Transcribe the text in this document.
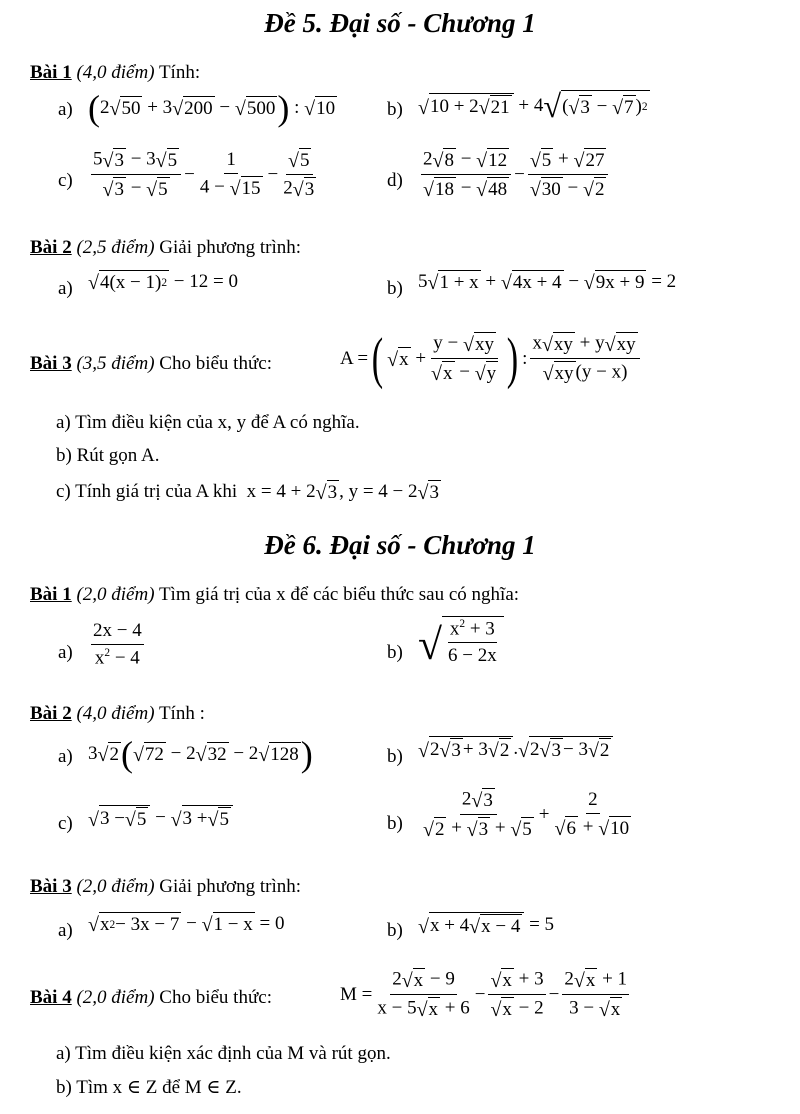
Đề 5. Đại số - Chương 1
Bài 1 (4,0 điểm) Tính:
a) ( 2 √ 50 + 3 √ 200 − √ 500 ) : √ 10	b) √ 10 + 2 √ 21 + 4 √ ( √ 3 − √ 7 ) 2
$c) \frac{5 √ 3 - 3 √ 5}{√ 3 - √ 5} - \frac{1}{4 - √ 15} - \frac{√ 5}{2 √ 3}$	$d) \frac{2 √ 8 - √ 12}{√ 18 - √ 48} - \frac{√ 5 + √ 27}{√ 30 - √ 2}$
Bài 2 (2,5 điểm) Giải phương trình:
a) √ 4(x − 1) 2 − 12 = 0	b) 5 √ 1 + x + √ 4x + 4 − √ 9x + 9 = 2
Bài 3 (3,5 điểm) Cho biểu thức:	A = ( √ $x + \frac{y - √ xy}{√ x - √ y}$ ) : $\frac{x √ xy + y √ xy}{√ xy (y - x)}$
a) Tìm điều kiện của x, y để A có nghĩa.
b) Rút gọn A.
c) Tính giá trị của A khi x = 4 + 2 √ 3 , y = 4 − 2 √ 3
Đề 6. Đại số - Chương 1
Bài 1 (2,0 điểm) Tìm giá trị của x để các biểu thức sau có nghĩa:
$a) \frac{2x - 4}{x^2 - 4}$	b) √ $\frac{x^2 + 3}{6 - 2x}$
Bài 2 (4,0 điểm) Tính :
a) 3 √ 2 ( √ 72 − 2 √ 32 − 2 √ 128 )	b) √ 2 √ 3 + 3 √ 2 . √ 2 √ 3 − 3 √ 2
c) √ 3 − √ 5 − √ 3 + √ 5	$b) \frac{2 √ 3}{√ 2 + √ 3 + √ 5} + \frac{2}{√ 6 + √ 10}$
Bài 3 (2,0 điểm) Giải phương trình:
a) √ x 2 − 3x − 7 − √ 1 − x = 0	b) √ x + 4 √ x − 4 = 5
Bài 4 (2,0 điểm) Cho biểu thức:	$M = \frac{2 √ x - 9}{x - 5 √ x + 6} - \frac{√ x + 3}{√ x - 2} - \frac{2 √ x + 1}{3 - √ x}$
a) Tìm điều kiện xác định của M và rút gọn.
b) Tìm x ∈ Z để M ∈ Z.
